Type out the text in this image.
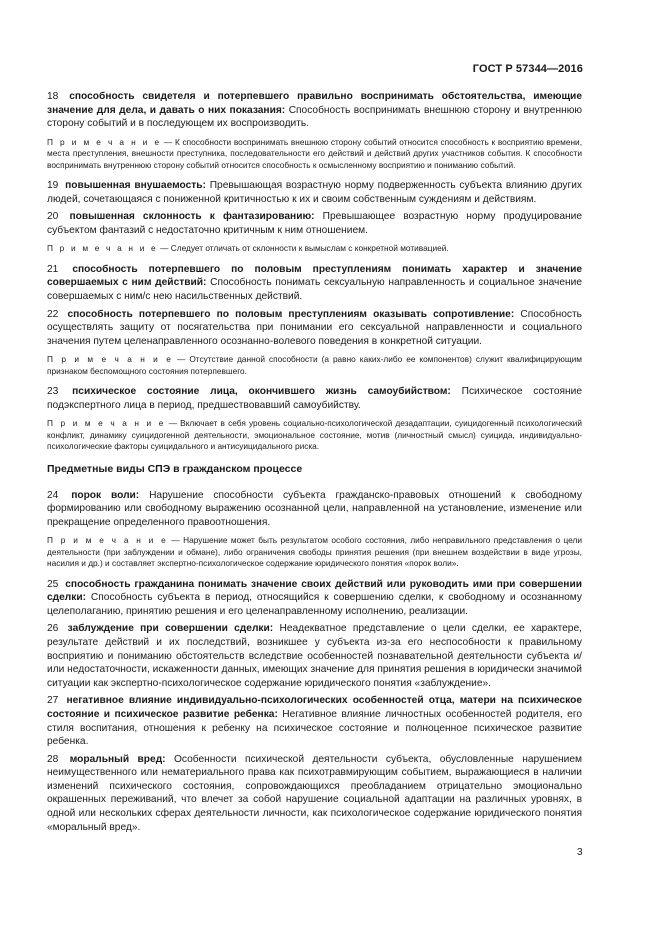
ГОСТ Р 57344—2016
18 способность свидетеля и потерпевшего правильно воспринимать обстоятельства, имеющие значение для дела, и давать о них показания: Способность воспринимать внешнюю сторону и внутреннюю сторону событий и в последующем их воспроизводить.
П р и м е ч а н и е — К способности воспринимать внешнюю сторону событий относится способность к восприятию времени, места преступления, внешности преступника, последовательности его действий и действий других участников события. К способности воспринимать внутреннюю сторону событий относится способность к осмысленному восприятию и пониманию событий.
19 повышенная внушаемость: Превышающая возрастную норму подверженность субъекта влиянию других людей, сочетающаяся с пониженной критичностью к их и своим собственным суждениям и действиям.
20 повышенная склонность к фантазированию: Превышающее возрастную норму продуцирование субъектом фантазий с недостаточно критичным к ним отношением.
П р и м е ч а н и е — Следует отличать от склонности к вымыслам с конкретной мотивацией.
21 способность потерпевшего по половым преступлениям понимать характер и значение совершаемых с ним действий: Способность понимать сексуальную направленность и социальное значение совершаемых с ним/с нею насильственных действий.
22 способность потерпевшего по половым преступлениям оказывать сопротивление: Способность осуществлять защиту от посягательства при понимании его сексуальной направленности и социального значения путем целенаправленного осознанно-волевого поведения в конкретной ситуации.
П р и м е ч а н и е — Отсутствие данной способности (а равно каких-либо ее компонентов) служит квалифицирующим признаком беспомощного состояния потерпевшего.
23 психическое состояние лица, окончившего жизнь самоубийством: Психическое состояние подэкспертного лица в период, предшествовавший самоубийству.
П р и м е ч а н и е — Включает в себя уровень социально-психологической дезадаптации, суицидогенный психологический конфликт, динамику суицидогенной деятельности, эмоциональное состояние, мотив (личностный смысл) суицида, индивидуально-психологические факторы суицидального и антисуицидального риска.
Предметные виды СПЭ в гражданском процессе
24 порок воли: Нарушение способности субъекта гражданско-правовых отношений к свободному формированию или свободному выражению осознанной цели, направленной на установление, изменение или прекращение определенного правоотношения.
П р и м е ч а н и е — Нарушение может быть результатом особого состояния, либо неправильного представления о цели деятельности (при заблуждении и обмане), либо ограничения свободы принятия решения (при внешнем воздействии в виде угрозы, насилия и др.) и составляет экспертно-психологическое содержание юридического понятия «порок воли».
25 способность гражданина понимать значение своих действий или руководить ими при совершении сделки: Способность субъекта в период, относящийся к совершению сделки, к свободному и осознанному целеполаганию, принятию решения и его целенаправленному исполнению, реализации.
26 заблуждение при совершении сделки: Неадекватное представление о цели сделки, ее характере, результате действий и их последствий, возникшее у субъекта из-за его неспособности к правильному восприятию и пониманию обстоятельств вследствие особенностей познавательной деятельности субъекта и/или недостаточности, искаженности данных, имеющих значение для принятия решения в юридически значимой ситуации как экспертно-психологическое содержание юридического понятия «заблуждение».
27 негативное влияние индивидуально-психологических особенностей отца, матери на психическое состояние и психическое развитие ребенка: Негативное влияние личностных особенностей родителя, его стиля воспитания, отношения к ребенку на психическое состояние и полноценное психическое развитие ребенка.
28 моральный вред: Особенности психической деятельности субъекта, обусловленные нарушением неимущественного или нематериального права как психотравмирующим событием, выражающиеся в наличии изменений психического состояния, сопровождающихся преобладанием отрицательно эмоционально окрашенных переживаний, что влечет за собой нарушение социальной адаптации на различных уровнях, в одной или нескольких сферах деятельности личности, как психологическое содержание юридического понятия «моральный вред».
3
